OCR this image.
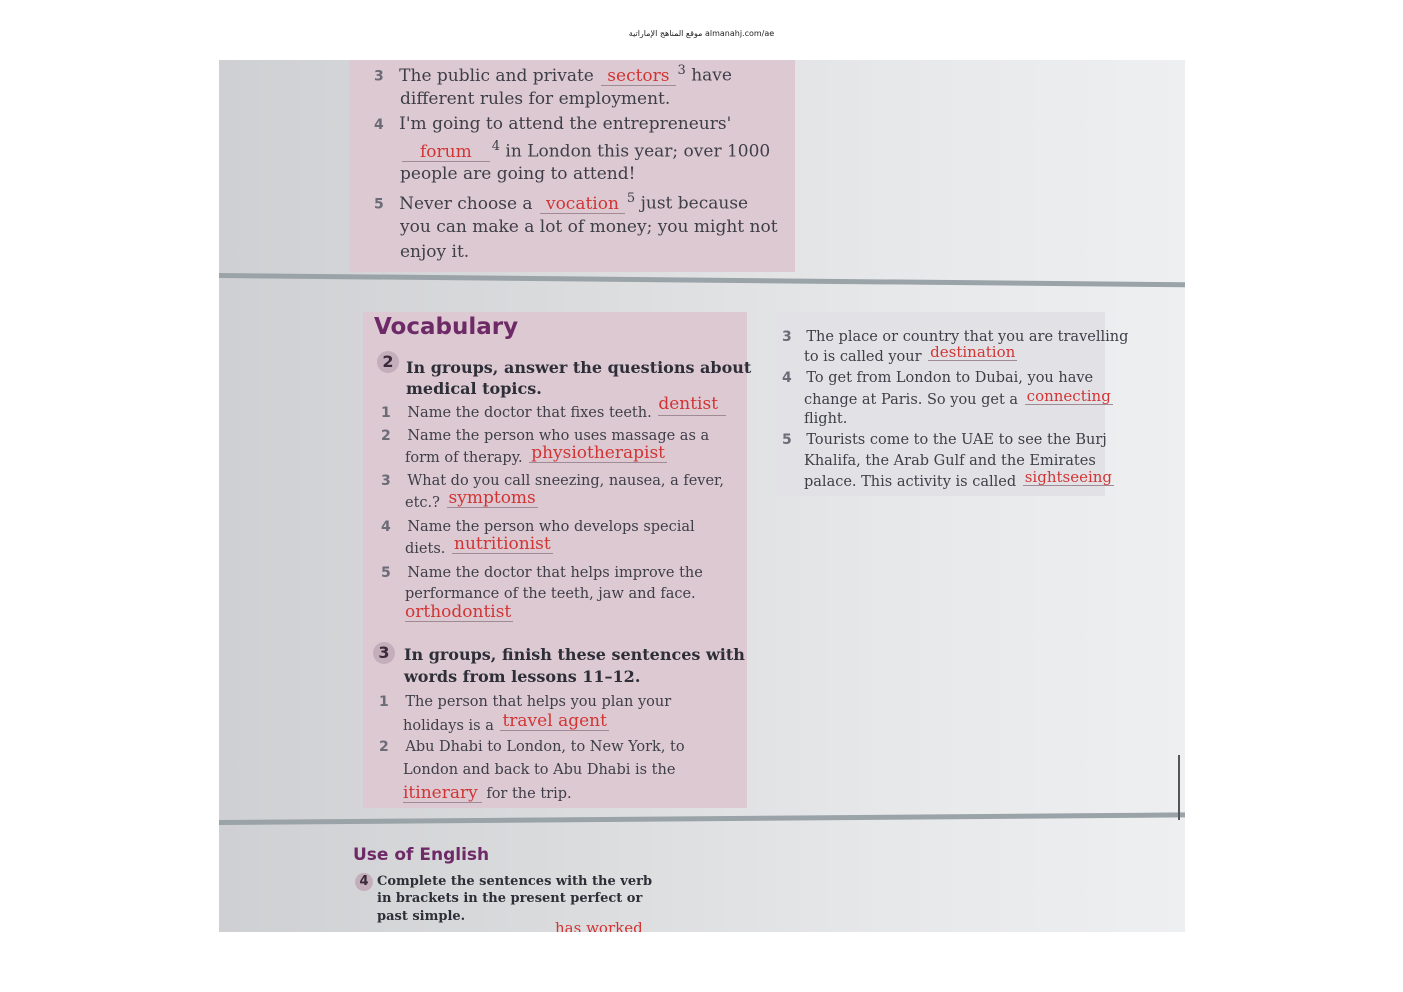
موقع المناهج الإماراتية almanahj.com/ae
3 The public and private sectors $^3$ have
different rules for employment.
4 I'm going to attend the entrepreneurs'
forum $^4$ in London this year; over 1000
people are going to attend!
5 Never choose a vocation $^5$ just because
you can make a lot of money; you might not
enjoy it.
Vocabulary
2 In groups, answer the questions about
medical topics.
1 Name the doctor that fixes teeth. dentist
2 Name the person who uses massage as a
form of therapy. physiotherapist
3 What do you call sneezing, nausea, a fever,
etc.? symptoms
4 Name the person who develops special
diets. nutritionist
5 Name the doctor that helps improve the
performance of the teeth, jaw and face.
orthodontist
3 In groups, finish these sentences with
words from lessons 11–12.
1 The person that helps you plan your
holidays is a travel agent
2 Abu Dhabi to London, to New York, to
London and back to Abu Dhabi is the
itinerary for the trip.
3 The place or country that you are travelling
to is called your destination
4 To get from London to Dubai, you have
change at Paris. So you get a connecting
flight.
5 Tourists come to the UAE to see the Burj
Khalifa, the Arab Gulf and the Emirates
palace. This activity is called sightseeing
Use of English
4 Complete the sentences with the verb
in brackets in the present perfect or
past simple.
has worked
